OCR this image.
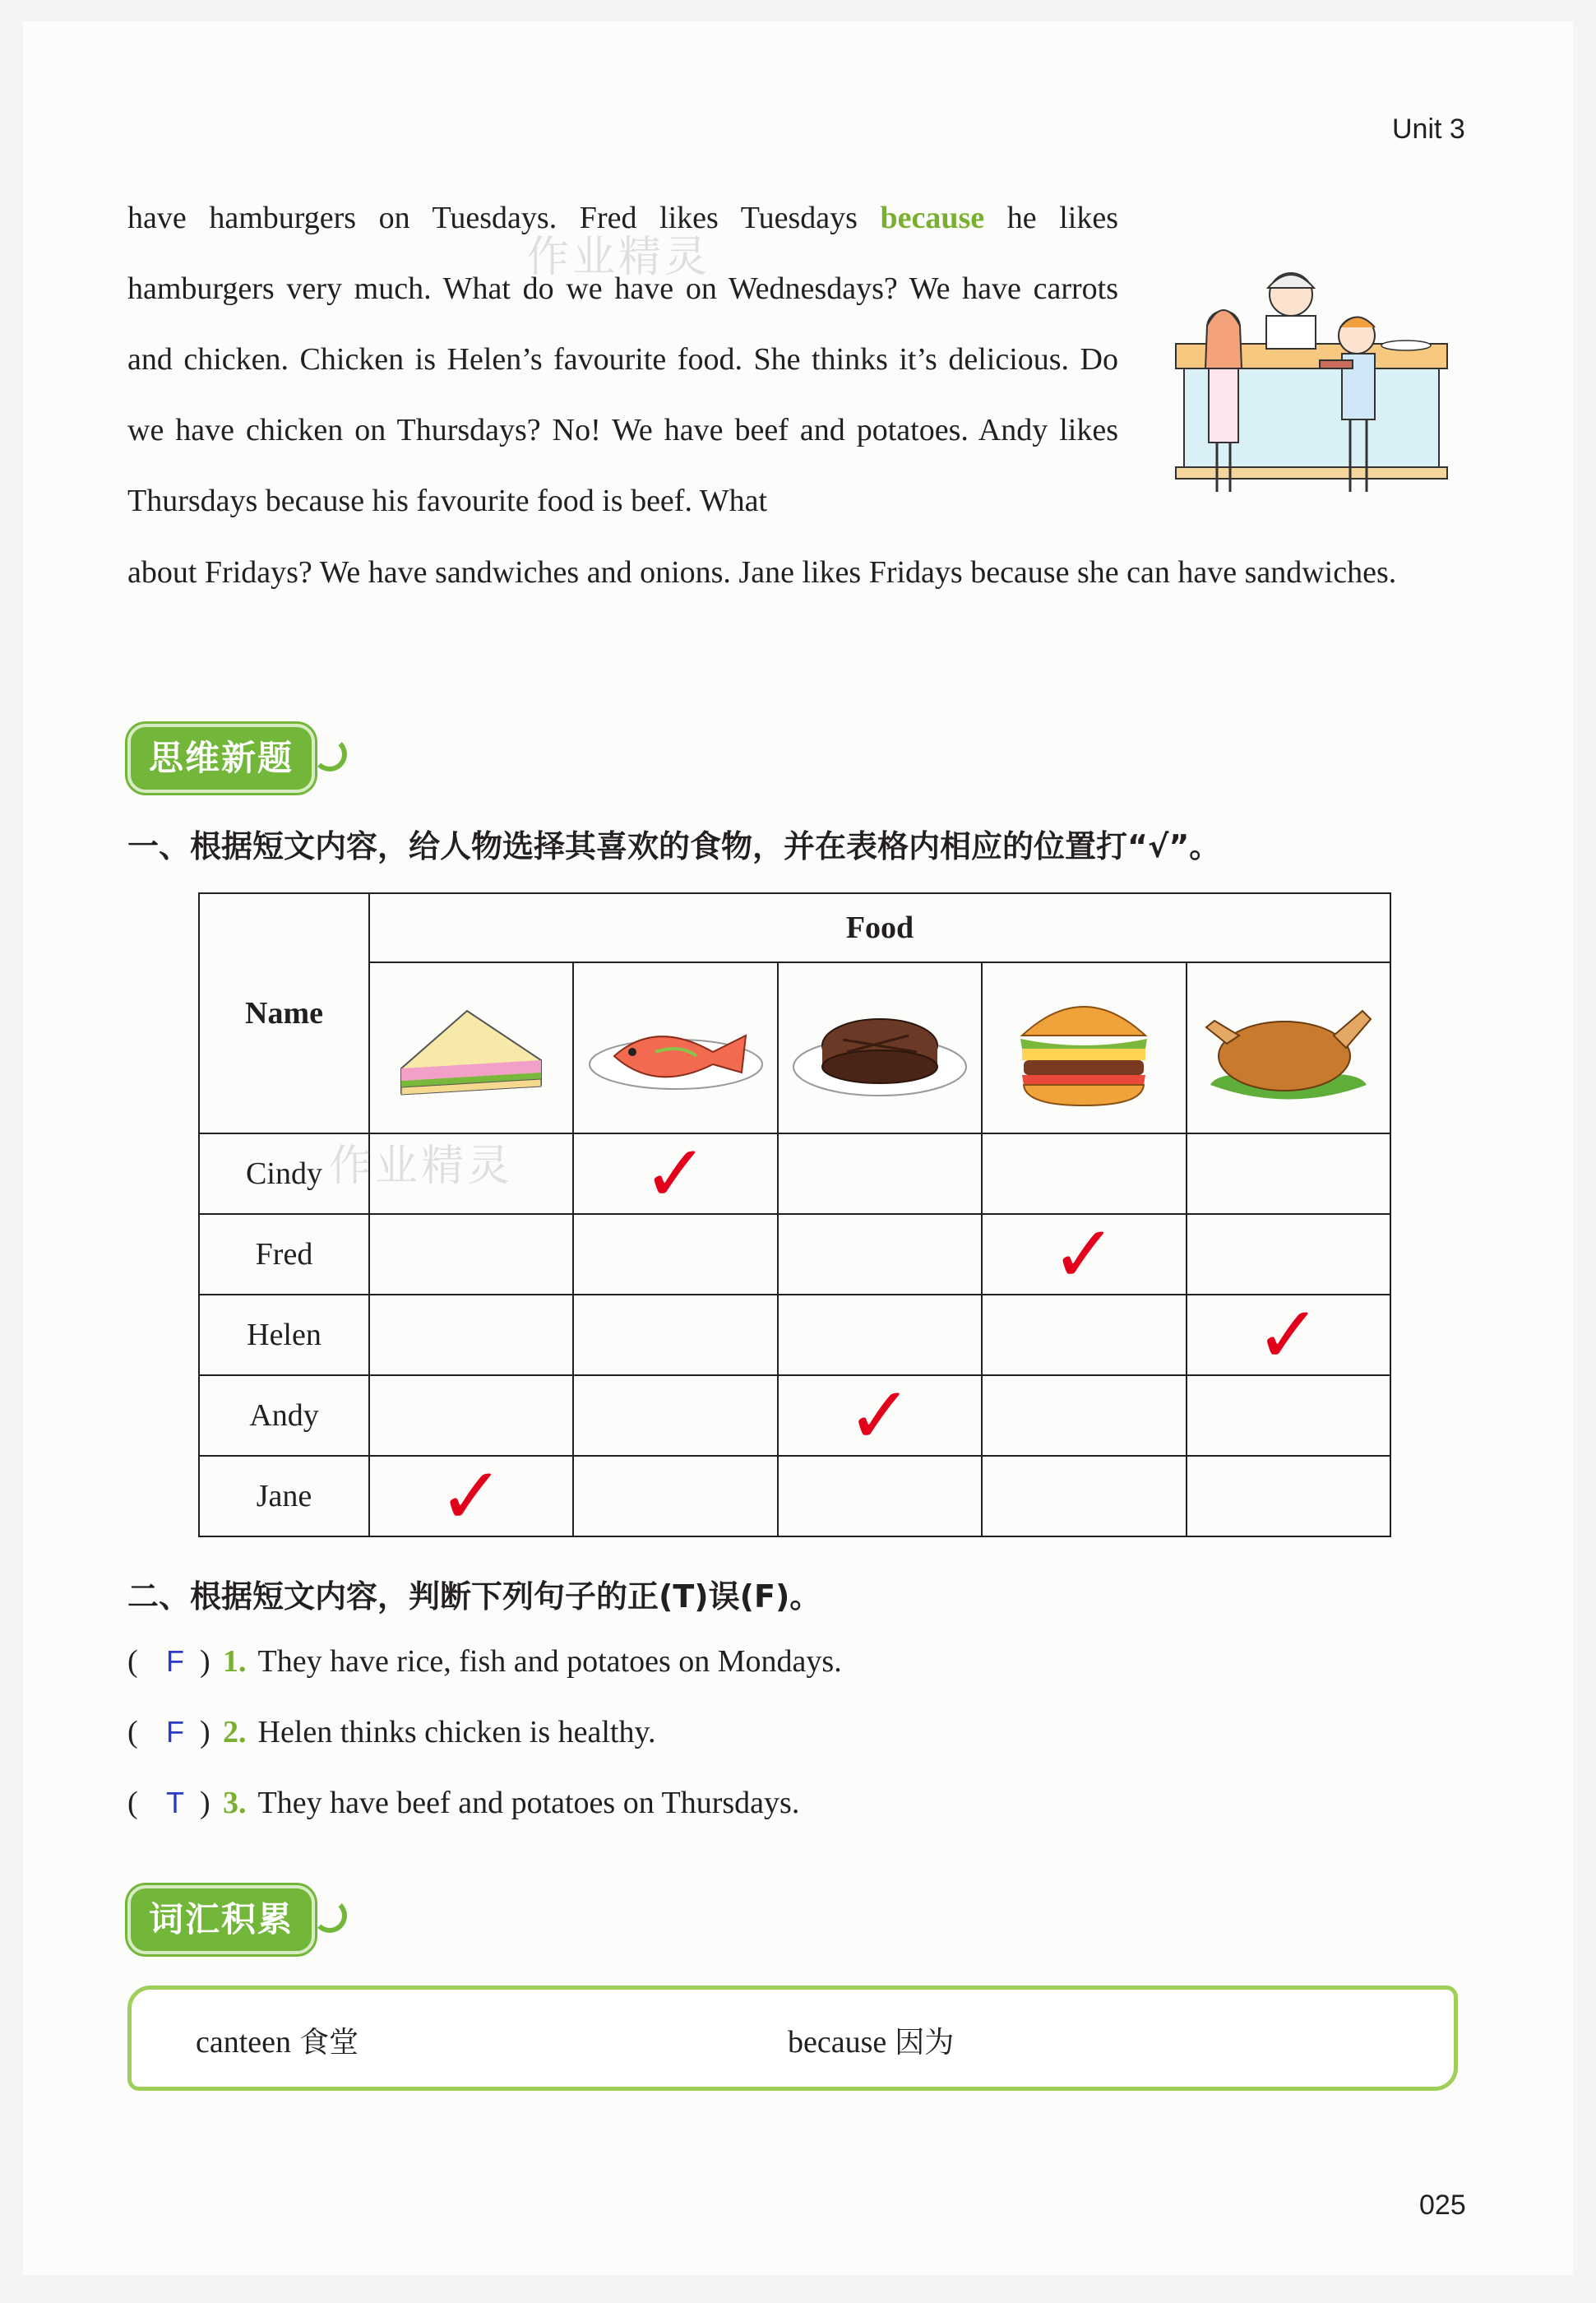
Unit 3
have hamburgers on Tuesdays. Fred likes Tuesdays because he likes hamburgers very much. What do we have on Wednesdays? We have carrots and chicken. Chicken is Helen’s favourite food. She thinks it’s delicious. Do we have chicken on Thursdays? No! We have beef and potatoes. Andy likes Thursdays because his favourite food is beef. What
about Fridays? We have sandwiches and onions. Jane likes Fridays because she can have sandwiches.
思维新题
一、根据短文内容，给人物选择其喜欢的食物，并在表格内相应的位置打“√”。
Name	Food				

Cindy		✓			
Fred				✓	
Helen					✓
Andy			✓		
Jane	✓				
二、根据短文内容，判断下列句子的正(T)误(F)。
( F ) 1. They have rice, fish and potatoes on Mondays.
( F ) 2. Helen thinks chicken is healthy.
( T ) 3. They have beef and potatoes on Thursdays.
词汇积累
canteen 食堂	because 因为
作业精灵
作业精灵
025
